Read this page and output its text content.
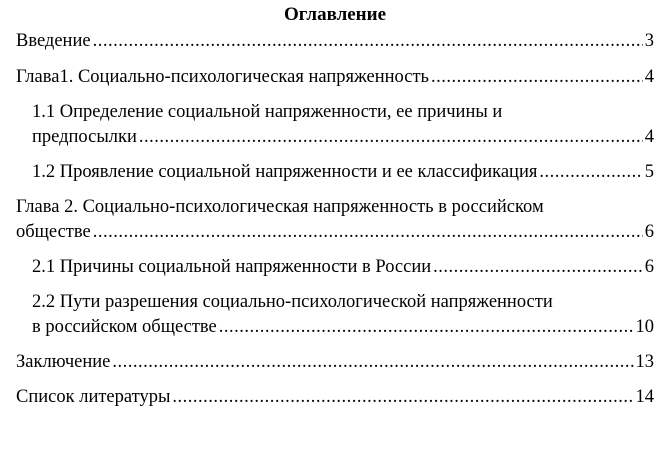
Оглавление
Введение .....	3
Глава1. Социально-психологическая напряженность .....	4
1.1 Определение социальной напряженности, ее причины и
предпосылки .....	4
1.2 Проявление социальной напряженности и ее классификация .....	5
Глава 2. Социально-психологическая напряженность в российском
обществе .....	6
2.1 Причины социальной напряженности в России .....	6
2.2 Пути разрешения социально-психологической напряженности
в российском обществе .....	10
Заключение .....	13
Список литературы .....	14
